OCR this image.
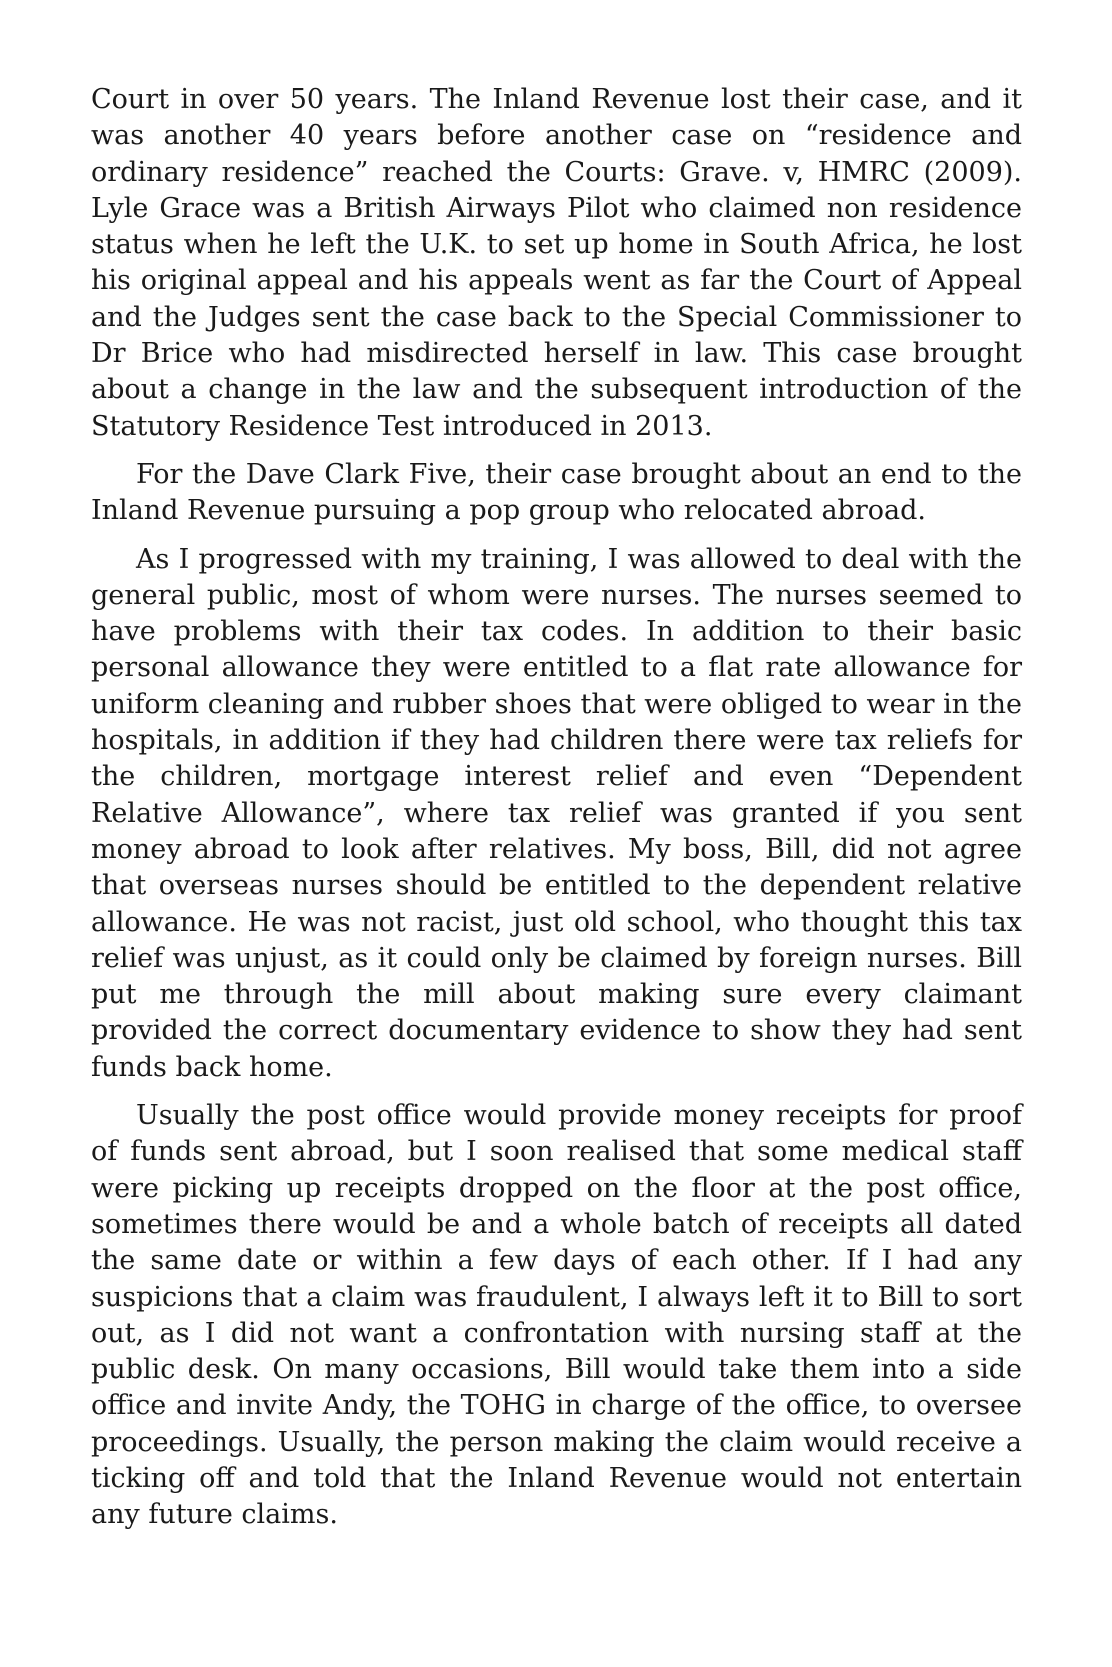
Court in over 50 years. The Inland Revenue lost their case, and it was another 40 years before another case on “residence and ordinary residence” reached the Courts: Grave. v, HMRC (2009). Lyle Grace was a British Airways Pilot who claimed non residence status when he left the U.K. to set up home in South Africa, he lost his original appeal and his appeals went as far the Court of Appeal and the Judges sent the case back to the Special Commissioner to Dr Brice who had misdirected herself in law. This case brought about a change in the law and the subsequent introduction of the Statutory Residence Test introduced in 2013.

For the Dave Clark Five, their case brought about an end to the Inland Revenue pursuing a pop group who relocated abroad.

As I progressed with my training, I was allowed to deal with the general public, most of whom were nurses. The nurses seemed to have problems with their tax codes. In addition to their basic personal allowance they were entitled to a flat rate allowance for uniform cleaning and rubber shoes that were obliged to wear in the hospitals, in addition if they had children there were tax reliefs for the children, mortgage interest relief and even “Dependent Relative Allowance”, where tax relief was granted if you sent money abroad to look after relatives. My boss, Bill, did not agree that overseas nurses should be entitled to the dependent relative allowance. He was not racist, just old school, who thought this tax relief was unjust, as it could only be claimed by foreign nurses. Bill put me through the mill about making sure every claimant provided the correct documentary evidence to show they had sent funds back home.

Usually the post office would provide money receipts for proof of funds sent abroad, but I soon realised that some medical staff were picking up receipts dropped on the floor at the post office, sometimes there would be and a whole batch of receipts all dated the same date or within a few days of each other. If I had any suspicions that a claim was fraudulent, I always left it to Bill to sort out, as I did not want a confrontation with nursing staff at the public desk. On many occasions, Bill would take them into a side office and invite Andy, the TOHG in charge of the office, to oversee proceedings. Usually, the person making the claim would receive a ticking off and told that the Inland Revenue would not entertain any future claims.
